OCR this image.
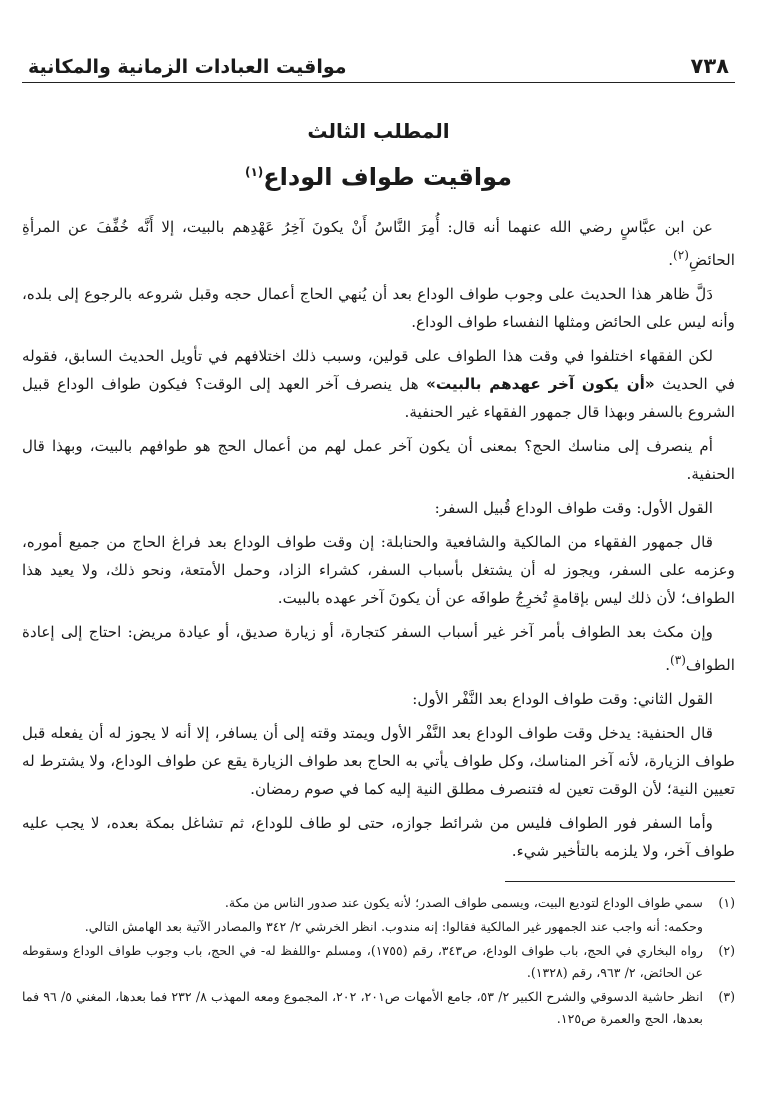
٧٣٨
مواقيت العبادات الزمانية والمكانية
المطلب الثالث
مواقيت طواف الوداع$^{(١)}$

عن ابن عبَّاسٍ رضي الله عنهما أنه قال: أُمِرَ النَّاسُ أَنْ يكونَ آخِرُ عَهْدِهم بالبيت، إلا أَنَّه خُفِّفَ عن المرأةِ الحائضِ$^{(٢)}$.

دَلَّ ظاهر هذا الحديث على وجوب طواف الوداع بعد أن يُنهي الحاج أعمال حجه وقبل شروعه بالرجوع إلى بلده، وأنه ليس على الحائض ومثلها النفساء طواف الوداع.

لكن الفقهاء اختلفوا في وقت هذا الطواف على قولين، وسبب ذلك اختلافهم في تأويل الحديث السابق، فقوله في الحديث «أن يكون آخر عهدهم بالبيت» هل ينصرف آخر العهد إلى الوقت؟ فيكون طواف الوداع قبيل الشروع بالسفر وبهذا قال جمهور الفقهاء غير الحنفية.

أم ينصرف إلى مناسك الحج؟ بمعنى أن يكون آخر عمل لهم من أعمال الحج هو طوافهم بالبيت، وبهذا قال الحنفية.

القول الأول: وقت طواف الوداع قُبيل السفر:

قال جمهور الفقهاء من المالكية والشافعية والحنابلة: إن وقت طواف الوداع بعد فراغ الحاج من جميع أموره، وعزمه على السفر، ويجوز له أن يشتغل بأسباب السفر، كشراء الزاد، وحمل الأمتعة، ونحو ذلك، ولا يعيد هذا الطواف؛ لأن ذلك ليس بإقامةٍ تُخرِجُ طوافَه عن أن يكونَ آخر عهده بالبيت.

وإن مكث بعد الطواف بأمر آخر غير أسباب السفر كتجارة، أو زيارة صديق، أو عيادة مريض: احتاج إلى إعادة الطواف$^{(٣)}$.

القول الثاني: وقت طواف الوداع بعد النَّفْر الأول:

قال الحنفية: يدخل وقت طواف الوداع بعد النَّفْر الأول ويمتد وقته إلى أن يسافر، إلا أنه لا يجوز له أن يفعله قبل طواف الزيارة، لأنه آخر المناسك، وكل طواف يأتي به الحاج بعد طواف الزيارة يقع عن طواف الوداع، ولا يشترط له تعيين النية؛ لأن الوقت تعين له فتنصرف مطلق النية إليه كما في صوم رمضان.

وأما السفر فور الطواف فليس من شرائط جوازه، حتى لو طاف للوداع، ثم تشاغل بمكة بعده، لا يجب عليه طواف آخر، ولا يلزمه بالتأخير شيء.

(١)
سمي طواف الوداع لتوديع البيت، ويسمى طواف الصدر؛ لأنه يكون عند صدور الناس من مكة.
وحكمه: أنه واجب عند الجمهور غير المالكية فقالوا: إنه مندوب. انظر الخرشي ٢/ ٣٤٢ والمصادر الآتية بعد الهامش التالي.
(٢)
رواه البخاري في الحج، باب طواف الوداع، ص٣٤٣، رقم (١٧٥٥)، ومسلم -واللفظ له- في الحج، باب وجوب طواف الوداع وسقوطه عن الحائض، ٢/ ٩٦٣، رقم (١٣٢٨).
(٣)
انظر حاشية الدسوقي والشرح الكبير ٢/ ٥٣، جامع الأمهات ص٢٠١، ٢٠٢، المجموع ومعه المهذب ٨/ ٢٣٢ فما بعدها، المغني ٥/ ٩٦ فما بعدها، الحج والعمرة ص١٢٥.
